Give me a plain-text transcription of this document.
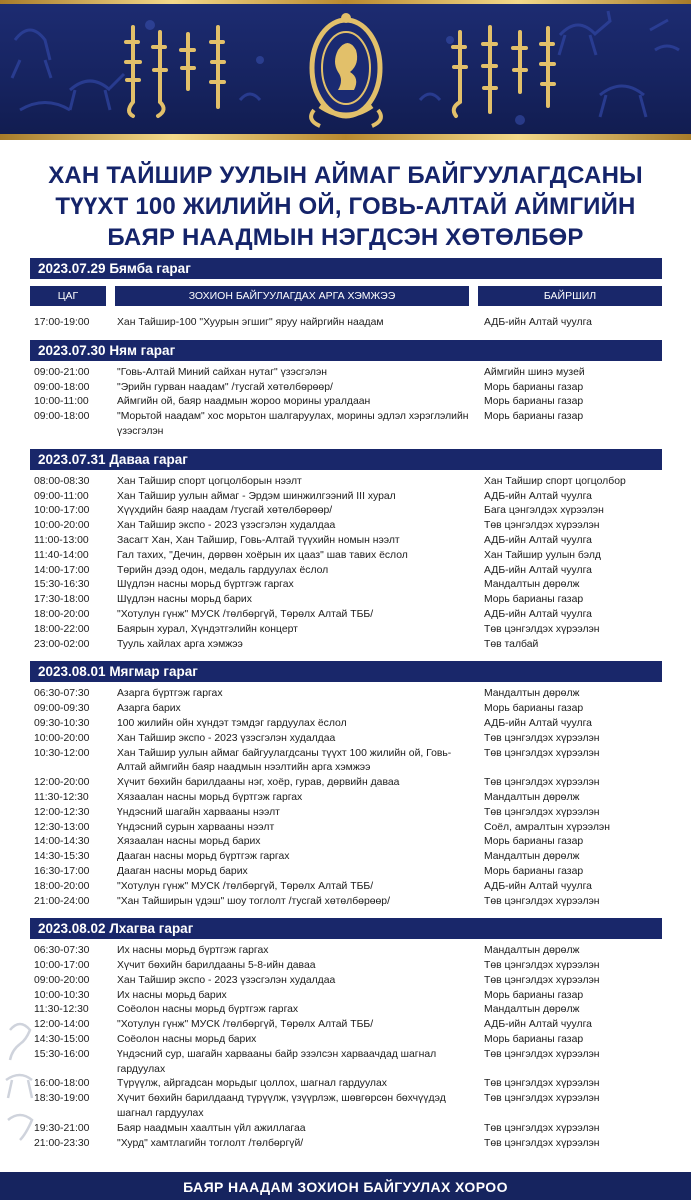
ХАН ТАЙШИР УУЛЫН АЙМАГ БАЙГУУЛАГДСАНЫ
ТҮҮХТ 100 ЖИЛИЙН ОЙ, ГОВЬ-АЛТАЙ АЙМГИЙН
БАЯР НААДМЫН НЭГДСЭН ХӨТӨЛБӨР
2023.07.29 Бямба гараг
ЦАГ	ЗОХИОН БАЙГУУЛАГДАХ АРГА ХЭМЖЭЭ	БАЙРШИЛ
17:00-19:00	Хан Тайшир-100 "Хуурын эгшиг" яруу найргийн наадам	АДБ-ийн Алтай чуулга
2023.07.30 Ням гараг
09:00-21:00	"Говь-Алтай Миний сайхан нутаг" үзэсгэлэн	Аймгийн шинэ музей
09:00-18:00	"Эрийн гурван наадам" /тусгай хөтөлбөрөөр/	Морь барианы газар
10:00-11:00	Аймгийн ой, баяр наадмын жороо морины уралдаан	Морь барианы газар
09:00-18:00	"Морьтой наадам" хос морьтон шалгаруулах, морины эдлэл хэрэглэлийн үзэсгэлэн
Морь барианы газар
2023.07.31 Даваа гараг
08:00-08:30	Хан Тайшир спорт цогцолборын нээлт	Хан Тайшир спорт цогцолбор
09:00-11:00	Хан Тайшир уулын аймаг - Эрдэм шинжилгээний III хурал	АДБ-ийн Алтай чуулга
10:00-17:00	Хүүхдийн баяр наадам /тусгай хөтөлбөрөөр/	Бага цэнгэлдэх хүрээлэн
10:00-20:00	Хан Тайшир экспо - 2023 үзэсгэлэн худалдаа	Төв цэнгэлдэх хүрээлэн
11:00-13:00	Засагт Хан, Хан Тайшир, Говь-Алтай түүхийн номын нээлт	АДБ-ийн Алтай чуулга
11:40-14:00	Гал тахих, "Дечин, дөрвөн хоёрын их цааз" шав тавих ёслол	Хан Тайшир уулын бэлд
14:00-17:00	Төрийн дээд одон, медаль гардуулах ёслол	АДБ-ийн Алтай чуулга
15:30-16:30	Шүдлэн насны морьд бүртгэж гаргах	Мандалтын дөрөлж
17:30-18:00	Шүдлэн насны морьд барих	Морь барианы газар
18:00-20:00	"Хотулун гүнж" МУСК /төлбөргүй, Төрөлх Алтай ТББ/	АДБ-ийн Алтай чуулга
18:00-22:00	Баярын хурал, Хүндэтгэлийн концерт	Төв цэнгэлдэх хүрээлэн
23:00-02:00	Тууль хайлах арга хэмжээ	Төв талбай
2023.08.01 Мягмар гараг
06:30-07:30	Азарга бүртгэж гаргах	Мандалтын дөрөлж
09:00-09:30	Азарга барих	Морь барианы газар
09:30-10:30	100 жилийн ойн хүндэт тэмдэг гардуулах ёслол	АДБ-ийн Алтай чуулга
10:00-20:00	Хан Тайшир экспо - 2023 үзэсгэлэн худалдаа	Төв цэнгэлдэх хүрээлэн
10:30-12:00	Хан Тайшир уулын аймаг байгуулагдсаны түүхт 100 жилийн ой, Говь-Алтай аймгийн баяр наадмын нээлтийн арга хэмжээ
Төв цэнгэлдэх хүрээлэн
12:00-20:00	Хүчит бөхийн барилдааны нэг, хоёр, гурав, дөрвийн даваа	Төв цэнгэлдэх хүрээлэн
11:30-12:30	Хязаалан насны морьд бүртгэж гаргах	Мандалтын дөрөлж
12:00-12:30	Үндэсний шагайн харвааны нээлт	Төв цэнгэлдэх хүрээлэн
12:30-13:00	Үндэсний сурын харвааны нээлт	Соёл, амралтын хүрээлэн
14:00-14:30	Хязаалан насны морьд барих	Морь барианы газар
14:30-15:30	Дааган насны морьд бүртгэж гаргах	Мандалтын дөрөлж
16:30-17:00	Дааган насны морьд барих	Морь барианы газар
18:00-20:00	"Хотулун гүнж" МУСК /төлбөргүй, Төрөлх Алтай ТББ/	АДБ-ийн Алтай чуулга
21:00-24:00	"Хан Тайширын үдэш" шоу тоглолт /тусгай хөтөлбөрөөр/	Төв цэнгэлдэх хүрээлэн
2023.08.02 Лхагва гараг
06:30-07:30	Их насны морьд бүртгэж гаргах	Мандалтын дөрөлж
10:00-17:00	Хүчит бөхийн барилдааны 5-8-ийн даваа	Төв цэнгэлдэх хүрээлэн
09:00-20:00	Хан Тайшир экспо - 2023 үзэсгэлэн худалдаа	Төв цэнгэлдэх хүрээлэн
10:00-10:30	Их насны морьд барих	Морь барианы газар
11:30-12:30	Соёолон насны морьд бүртгэж гаргах	Мандалтын дөрөлж
12:00-14:00	"Хотулун гүнж" МУСК /төлбөргүй, Төрөлх Алтай ТББ/	АДБ-ийн Алтай чуулга
14:30-15:00	Соёолон насны морьд барих	Морь барианы газар
15:30-16:00	Үндэсний сур, шагайн харвааны байр эзэлсэн харваачдад шагнал гардуулах
Төв цэнгэлдэх хүрээлэн
16:00-18:00	Түрүүлж, айргадсан морьдыг цоллох, шагнал гардуулах	Төв цэнгэлдэх хүрээлэн
18:30-19:00	Хүчит бөхийн барилдаанд түрүүлж, үзүүрлэж, шөвгөрсөн бөхчүүдэд шагнал гардуулах
Төв цэнгэлдэх хүрээлэн
19:30-21:00	Баяр наадмын хаалтын үйл ажиллагаа	Төв цэнгэлдэх хүрээлэн
21:00-23:30	"Хурд" хамтлагийн тоглолт /төлбөргүй/	Төв цэнгэлдэх хүрээлэн
БАЯР НААДАМ ЗОХИОН БАЙГУУЛАХ ХОРОО
